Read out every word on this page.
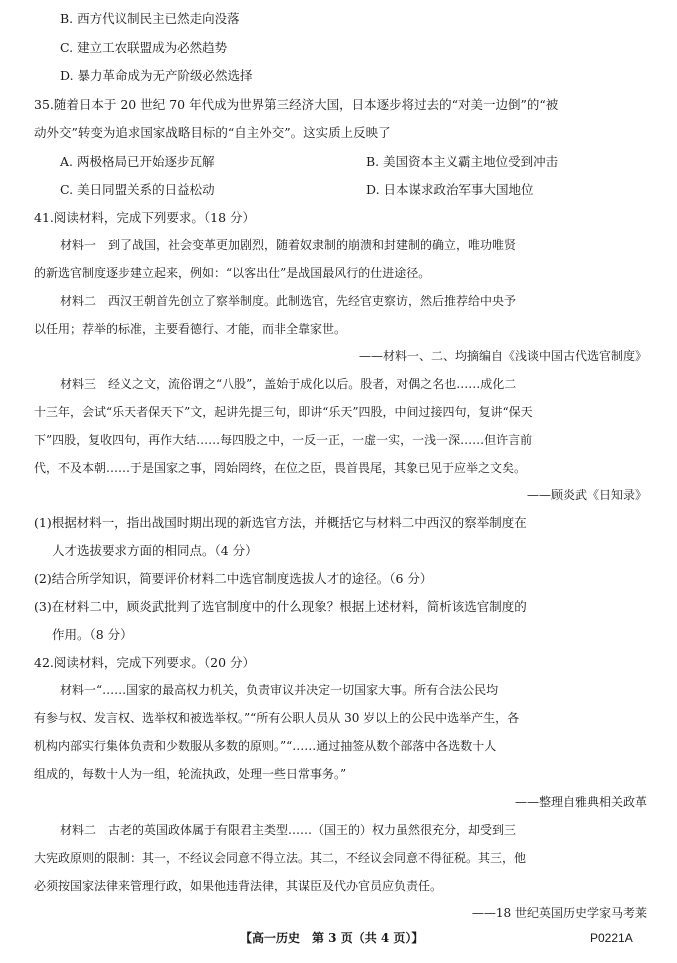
B. 西方代议制民主已然走向没落
C. 建立工农联盟成为必然趋势
D. 暴力革命成为无产阶级必然选择
35.随着日本于 20 世纪 70 年代成为世界第三经济大国，日本逐步将过去的“对美一边倒”的“被
动外交”转变为追求国家战略目标的“自主外交”。这实质上反映了
A. 两极格局已开始逐步瓦解	B. 美国资本主义霸主地位受到冲击
C. 美日同盟关系的日益松动	D. 日本谋求政治军事大国地位
41.阅读材料，完成下列要求。（18 分）
材料一　到了战国，社会变革更加剧烈，随着奴隶制的崩溃和封建制的确立，唯功唯贤
的新选官制度逐步建立起来，例如：“以客出仕”是战国最风行的仕进途径。
材料二　西汉王朝首先创立了察举制度。此制选官，先经官吏察访，然后推荐给中央予
以任用；荐举的标准，主要看德行、才能，而非全靠家世。
——材料一、二、均摘编自《浅谈中国古代选官制度》
材料三　经义之文，流俗谓之“八股”，盖始于成化以后。股者，对偶之名也……成化二
十三年，会试“乐天者保天下”文，起讲先提三句，即讲“乐天”四股，中间过接四句，复讲“保天
下”四股，复收四句，再作大结……每四股之中，一反一正，一虚一实，一浅一深……但许言前
代，不及本朝……于是国家之事，罔始罔终，在位之臣，畏首畏尾，其象已见于应举之文矣。
——顾炎武《日知录》
(1)根据材料一，指出战国时期出现的新选官方法，并概括它与材料二中西汉的察举制度在
人才选拔要求方面的相同点。（4 分）
(2)结合所学知识，简要评价材料二中选官制度选拔人才的途径。（6 分）
(3)在材料二中，顾炎武批判了选官制度中的什么现象？根据上述材料，简析该选官制度的
作用。（8 分）
42.阅读材料，完成下列要求。（20 分）
材料一“……国家的最高权力机关，负责审议并决定一切国家大事。所有合法公民均
有参与权、发言权、选举权和被选举权。”“所有公职人员从 30 岁以上的公民中选举产生，各
机构内部实行集体负责和少数服从多数的原则。”“……通过抽签从数个部落中各选数十人
组成的，每数十人为一组，轮流执政，处理一些日常事务。”
——整理自雅典相关政革
材料二　古老的英国政体属于有限君主类型……（国王的）权力虽然很充分，却受到三
大宪政原则的限制：其一，不经议会同意不得立法。其二，不经议会同意不得征税。其三，他
必须按国家法律来管理行政，如果他违背法律，其谋臣及代办官员应负责任。
——18 世纪英国历史学家马考莱
【高一历史　第 3 页（共 4 页）】	P0221A
